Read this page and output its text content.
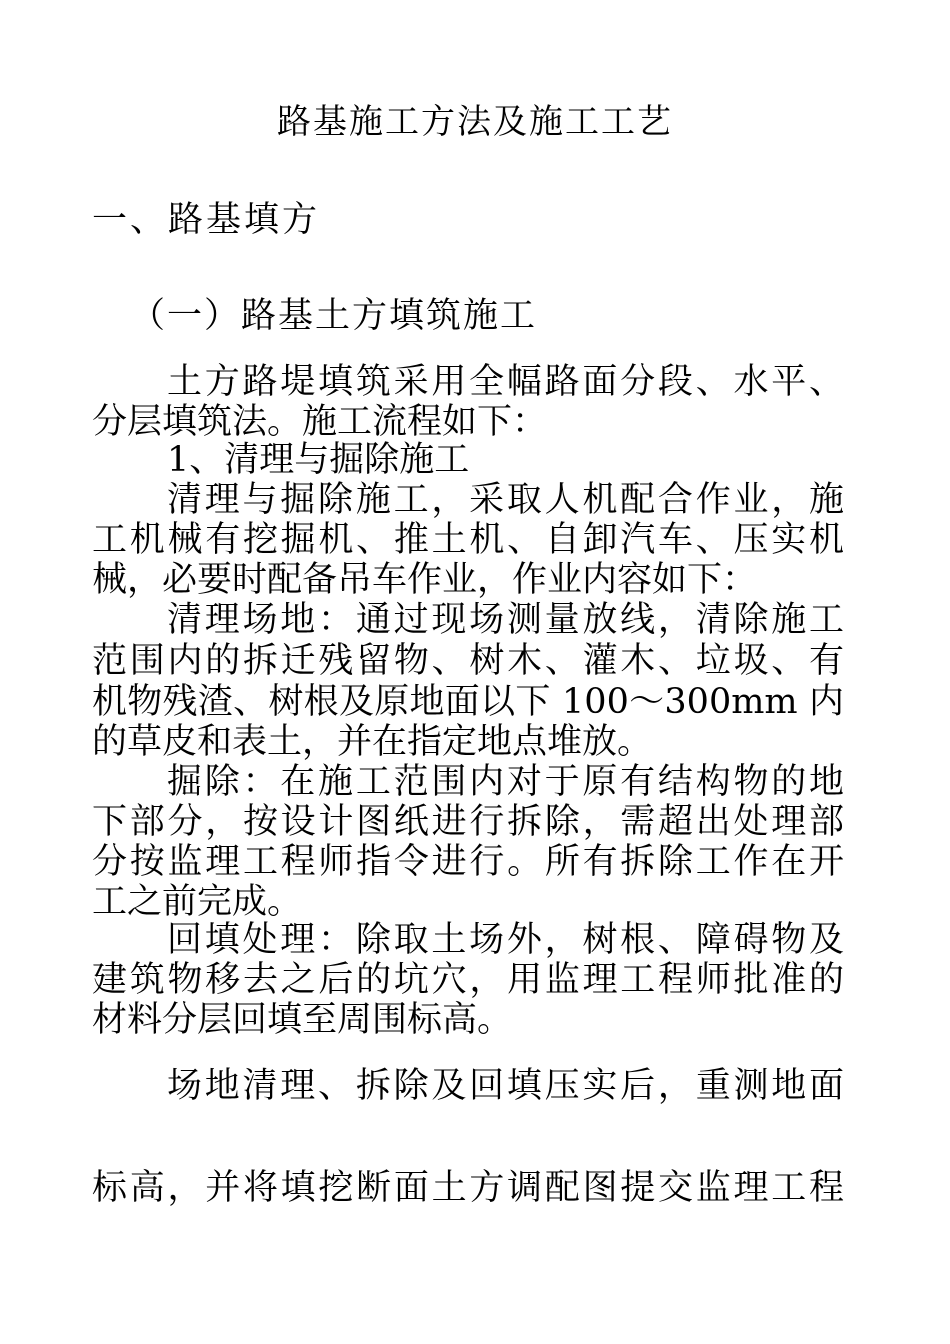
路基施工方法及施工工艺
一、路基填方
（一）路基土方填筑施工
土方路堤填筑采用全幅路面分段、水平、
分层填筑法。施工流程如下：
1、清理与掘除施工
清理与掘除施工，采取人机配合作业，施
工机械有挖掘机、推土机、自卸汽车、压实机
械，必要时配备吊车作业，作业内容如下：
清理场地：通过现场测量放线，清除施工
范围内的拆迁残留物、树木、灌木、垃圾、有
机物残渣、树根及原地面以下 100～300mm 内
的草皮和表土，并在指定地点堆放。
掘除：在施工范围内对于原有结构物的地
下部分，按设计图纸进行拆除，需超出处理部
分按监理工程师指令进行。所有拆除工作在开
工之前完成。
回填处理：除取土场外，树根、障碍物及
建筑物移去之后的坑穴，用监理工程师批准的
材料分层回填至周围标高。
场地清理、拆除及回填压实后，重测地面
标高，并将填挖断面土方调配图提交监理工程
